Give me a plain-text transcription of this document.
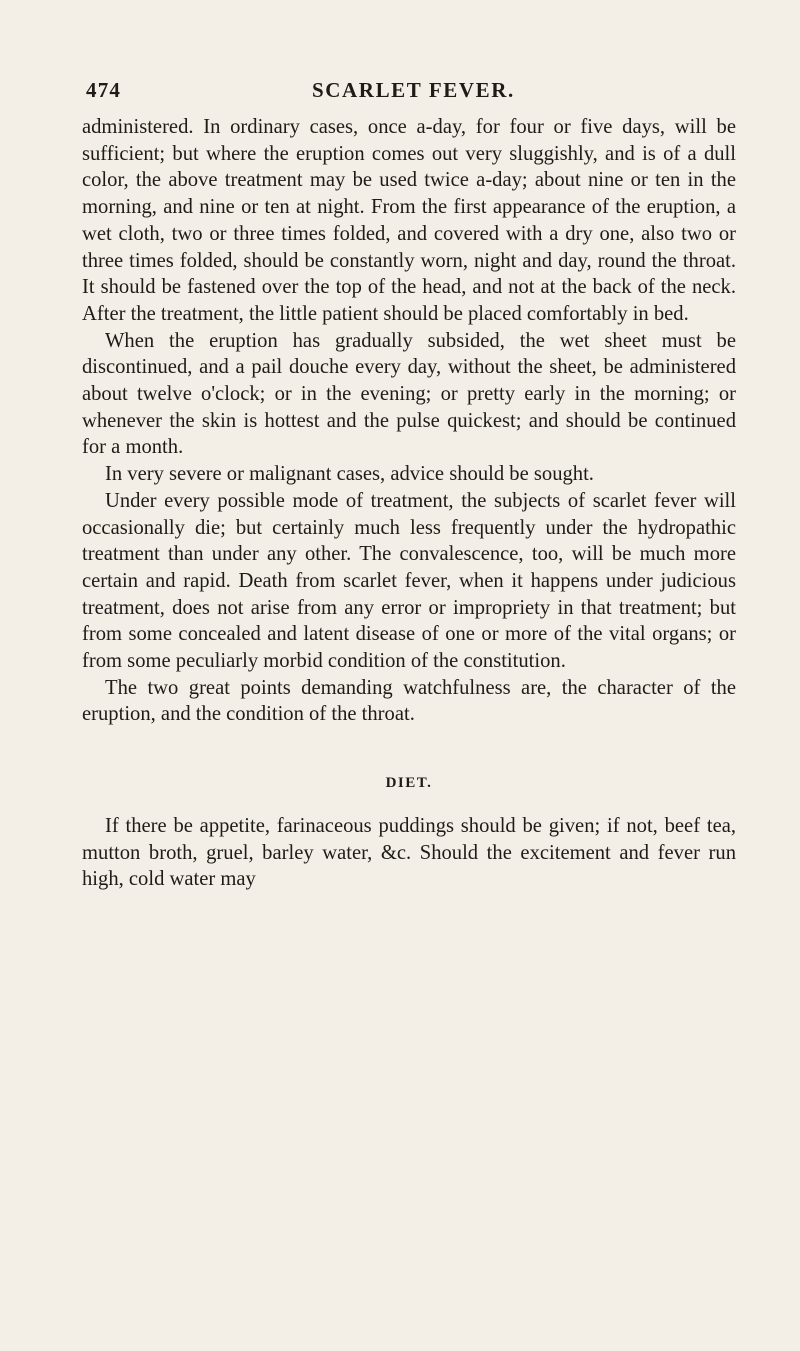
474	SCARLET FEVER.

administered. In ordinary cases, once a-day, for four or five days, will be sufficient; but where the eruption comes out very sluggishly, and is of a dull color, the above treatment may be used twice a-day; about nine or ten in the morning, and nine or ten at night. From the first appearance of the eruption, a wet cloth, two or three times folded, and covered with a dry one, also two or three times folded, should be constantly worn, night and day, round the throat. It should be fastened over the top of the head, and not at the back of the neck. After the treatment, the little patient should be placed comfortably in bed.

When the eruption has gradually subsided, the wet sheet must be discontinued, and a pail douche every day, without the sheet, be administered about twelve o'clock; or in the evening; or pretty early in the morning; or whenever the skin is hottest and the pulse quickest; and should be continued for a month.

In very severe or malignant cases, advice should be sought.

Under every possible mode of treatment, the subjects of scarlet fever will occasionally die; but certainly much less frequently under the hydropathic treatment than under any other. The convalescence, too, will be much more certain and rapid. Death from scarlet fever, when it happens under judicious treatment, does not arise from any error or impropriety in that treatment; but from some concealed and latent disease of one or more of the vital organs; or from some peculiarly morbid condition of the constitution.

The two great points demanding watchfulness are, the character of the eruption, and the condition of the throat.

DIET.

If there be appetite, farinaceous puddings should be given; if not, beef tea, mutton broth, gruel, barley water, &c. Should the excitement and fever run high, cold water may
